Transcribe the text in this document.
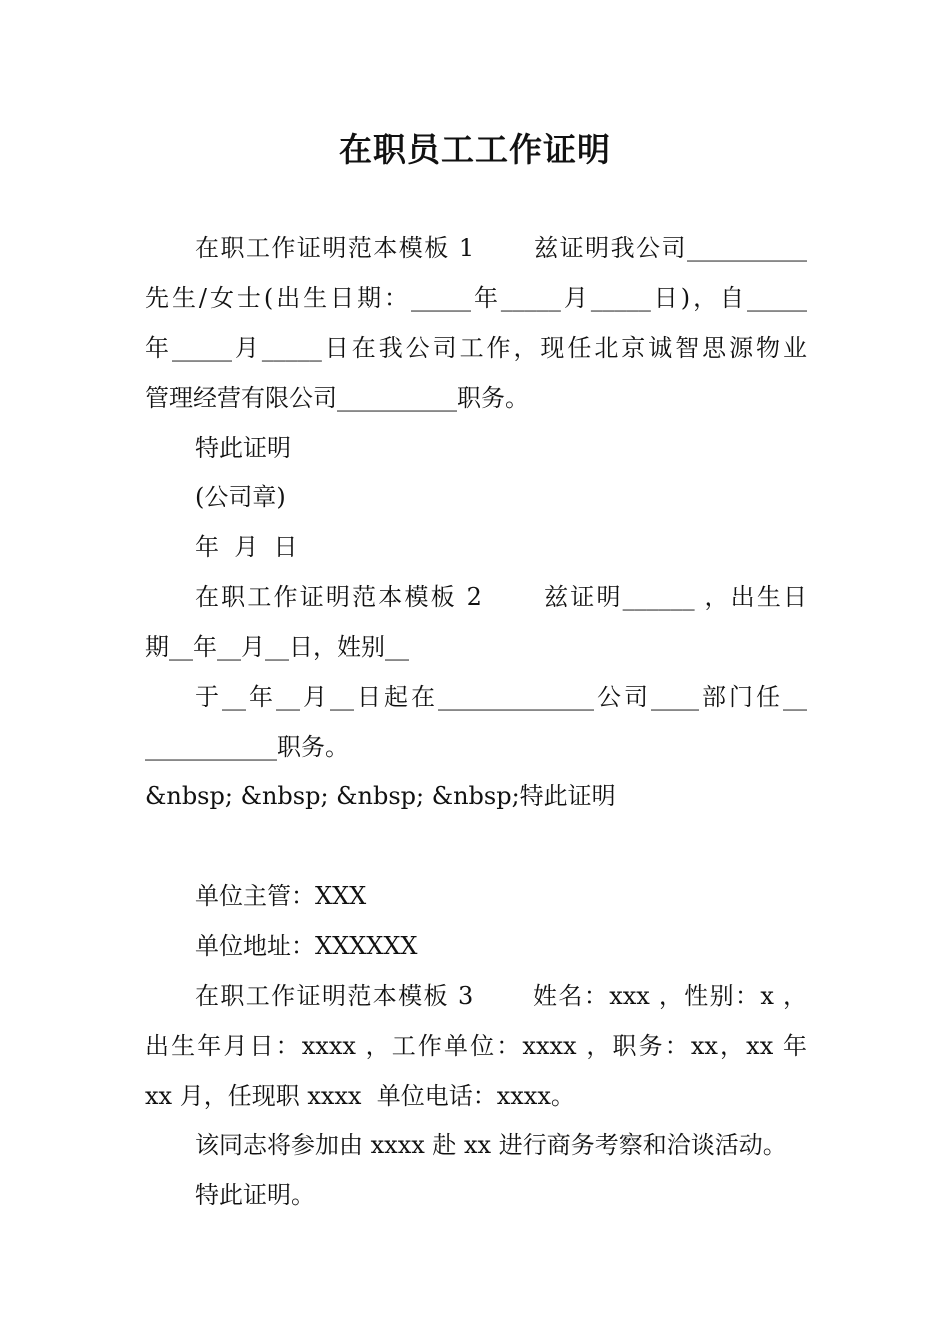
在职员工工作证明
在职工作证明范本模板 1 　　兹证明我公司__________
先生/女士(出生日期：_____年_____月_____日)，自_____
年_____月_____日在我公司工作，现任北京诚智思源物业
管理经营有限公司__________职务。
特此证明
(公司章)
年  月  日
在职工作证明范本模板 2 　　兹证明______ ，出生日
期__年__月__日，姓别__
于__年__月__日起在_____________公司____部门任__
___________职务。
&nbsp; &nbsp; &nbsp; &nbsp;特此证明
单位主管：XXX
单位地址：XXXXXX
在职工作证明范本模板 3 　　姓名：xxx ，性别：x ，
出生年月日：xxxx ，工作单位：xxxx ，职务：xx，xx 年
xx 月，任现职 xxxx  单位电话：xxxx。
该同志将参加由 xxxx 赴 xx 进行商务考察和洽谈活动。
特此证明。
